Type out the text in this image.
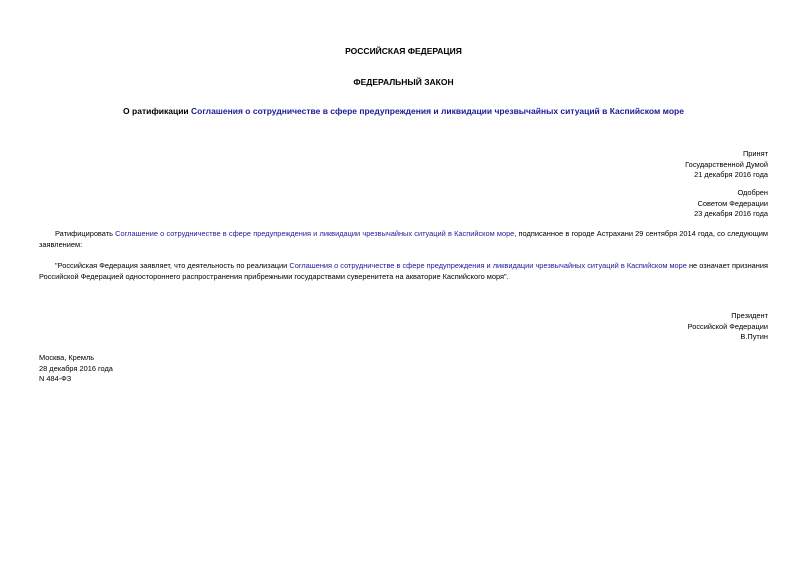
РОССИЙСКАЯ ФЕДЕРАЦИЯ
ФЕДЕРАЛЬНЫЙ ЗАКОН
О ратификации Соглашения о сотрудничестве в сфере предупреждения и ликвидации чрезвычайных ситуаций в Каспийском море
Принят
Государственной Думой
21 декабря 2016 года
Одобрен
Советом Федерации
23 декабря 2016 года
Ратифицировать Соглашение о сотрудничестве в сфере предупреждения и ликвидации чрезвычайных ситуаций в Каспийском море, подписанное в городе Астрахани 29 сентября 2014 года, со следующим заявлением:
"Российская Федерация заявляет, что деятельность по реализации Соглашения о сотрудничестве в сфере предупреждения и ликвидации чрезвычайных ситуаций в Каспийском море не означает признания Российской Федерацией одностороннего распространения прибрежными государствами суверенитета на акваторие Каспийского моря".
Президент
Российской Федерации
В.Путин
Москва, Кремль
28 декабря 2016 года
N 484-ФЗ
